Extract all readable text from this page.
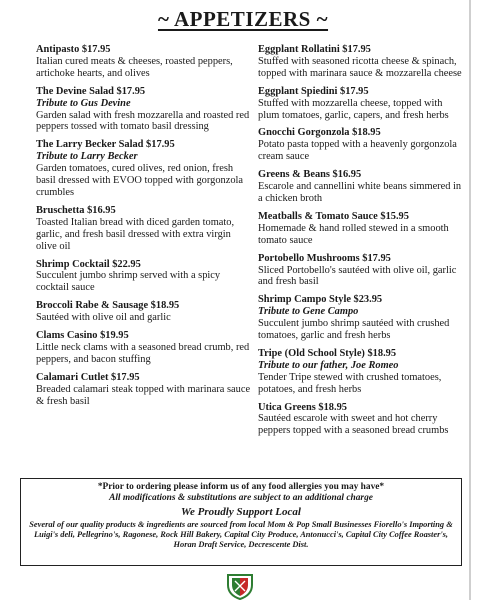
~ APPETIZERS ~
Antipasto $17.95
Italian cured meats & cheeses, roasted peppers, artichoke hearts, and olives
The Devine Salad $17.95
Tribute to Gus Devine
Garden salad with fresh mozzarella and roasted red peppers tossed with tomato basil dressing
The Larry Becker Salad $17.95
Tribute to Larry Becker
Garden tomatoes, cured olives, red onion, fresh basil dressed with EVOO topped with gorgonzola crumbles
Bruschetta $16.95
Toasted Italian bread with diced garden tomato, garlic, and fresh basil dressed with extra virgin olive oil
Shrimp Cocktail $22.95
Succulent jumbo shrimp served with a spicy cocktail sauce
Broccoli Rabe & Sausage $18.95
Sautéed with olive oil and garlic
Clams Casino $19.95
Little neck clams with a seasoned bread crumb, red peppers, and bacon stuffing
Calamari Cutlet $17.95
Breaded calamari steak topped with marinara sauce & fresh basil
Eggplant Rollatini $17.95
Stuffed with seasoned ricotta cheese & spinach, topped with marinara sauce & mozzarella cheese
Eggplant Spiedini $17.95
Stuffed with mozzarella cheese, topped with plum tomatoes, garlic, capers, and fresh herbs
Gnocchi Gorgonzola $18.95
Potato pasta topped with a heavenly gorgonzola cream sauce
Greens & Beans $16.95
Escarole and cannellini white beans simmered in a chicken broth
Meatballs & Tomato Sauce $15.95
Homemade & hand rolled stewed in a smooth tomato sauce
Portobello Mushrooms $17.95
Sliced Portobello's sautéed with olive oil, garlic and fresh basil
Shrimp Campo Style $23.95
Tribute to Gene Campo
Succulent jumbo shrimp sautéed with crushed tomatoes, garlic and fresh herbs
Tripe (Old School Style) $18.95
Tribute to our father, Joe Romeo
Tender Tripe stewed with crushed tomatoes, potatoes, and fresh herbs
Utica Greens $18.95
Sautéed escarole with sweet and hot cherry peppers topped with a seasoned bread crumbs
*Prior to ordering please inform us of any food allergies you may have*
All modifications & substitutions are subject to an additional charge
We Proudly Support Local
Several of our quality products & ingredients are sourced from local Mom & Pop Small Businesses Fiorello's Importing & Luigi's deli, Pellegrino's, Ragonese, Rock Hill Bakery, Capital City Produce, Antonucci's, Capital City Coffee Roaster's, Horan Draft Service, Decrescente Dist.
